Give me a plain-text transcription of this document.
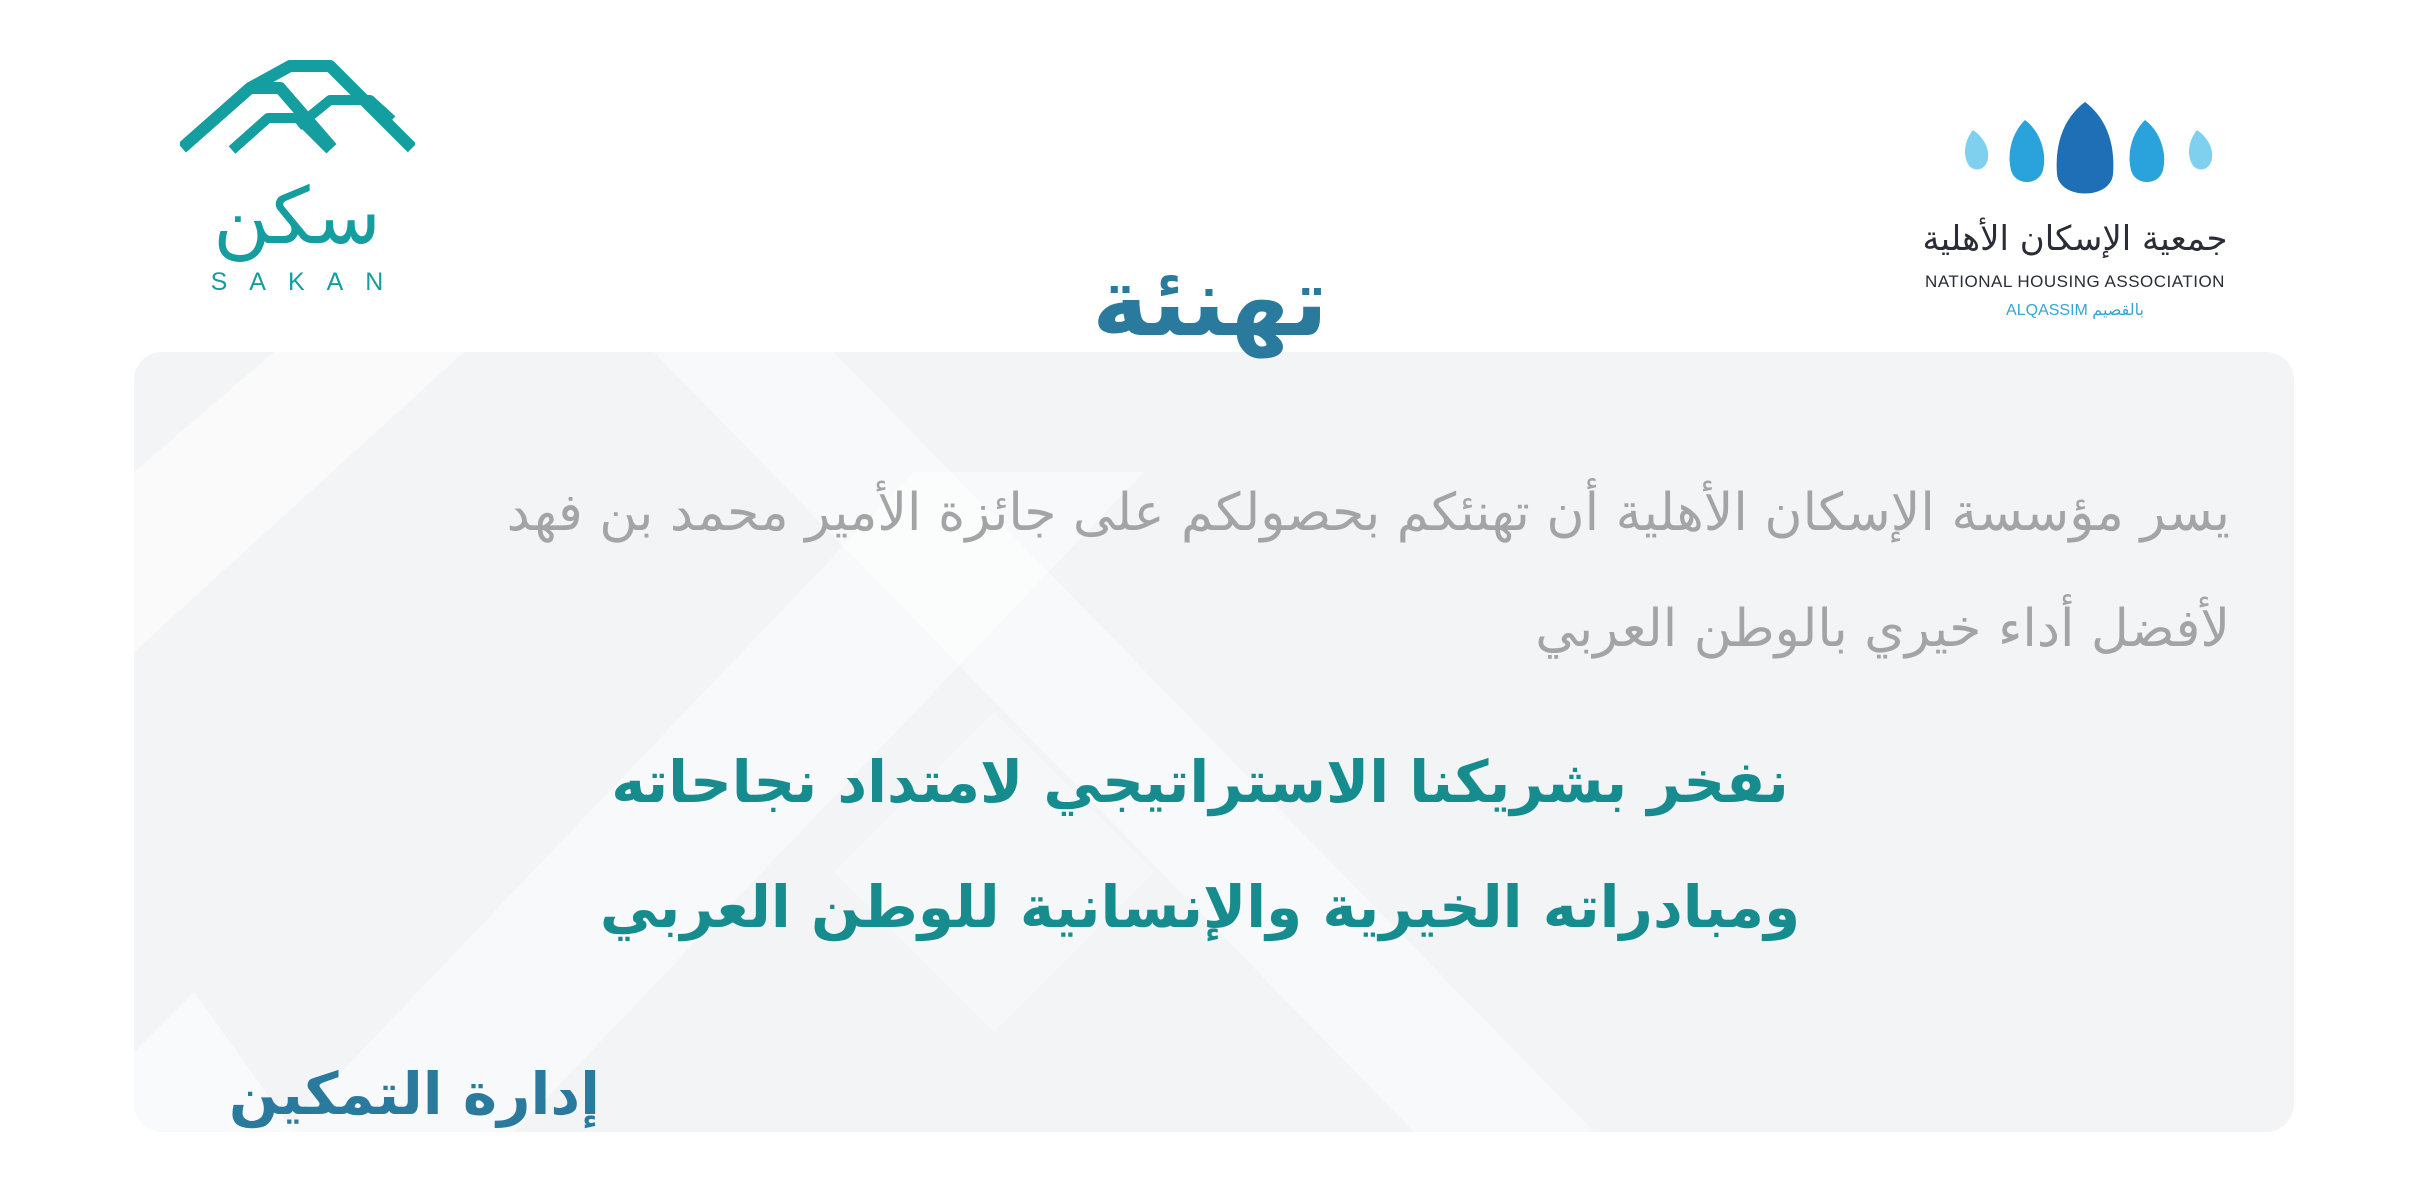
سكن
SAKAN
جمعية الإسكان الأهلية
NATIONAL HOUSING ASSOCIATION
ALQASSIM بالقصيم
تهنئة
يسر مؤسسة الإسكان الأهلية أن تهنئكم بحصولكم على جائزة الأمير محمد بن فهد
لأفضل أداء خيري بالوطن العربي
نفخر بشريكنا الاستراتيجي لامتداد نجاحاته
ومبادراته الخيرية والإنسانية للوطن العربي
إدارة التمكين
